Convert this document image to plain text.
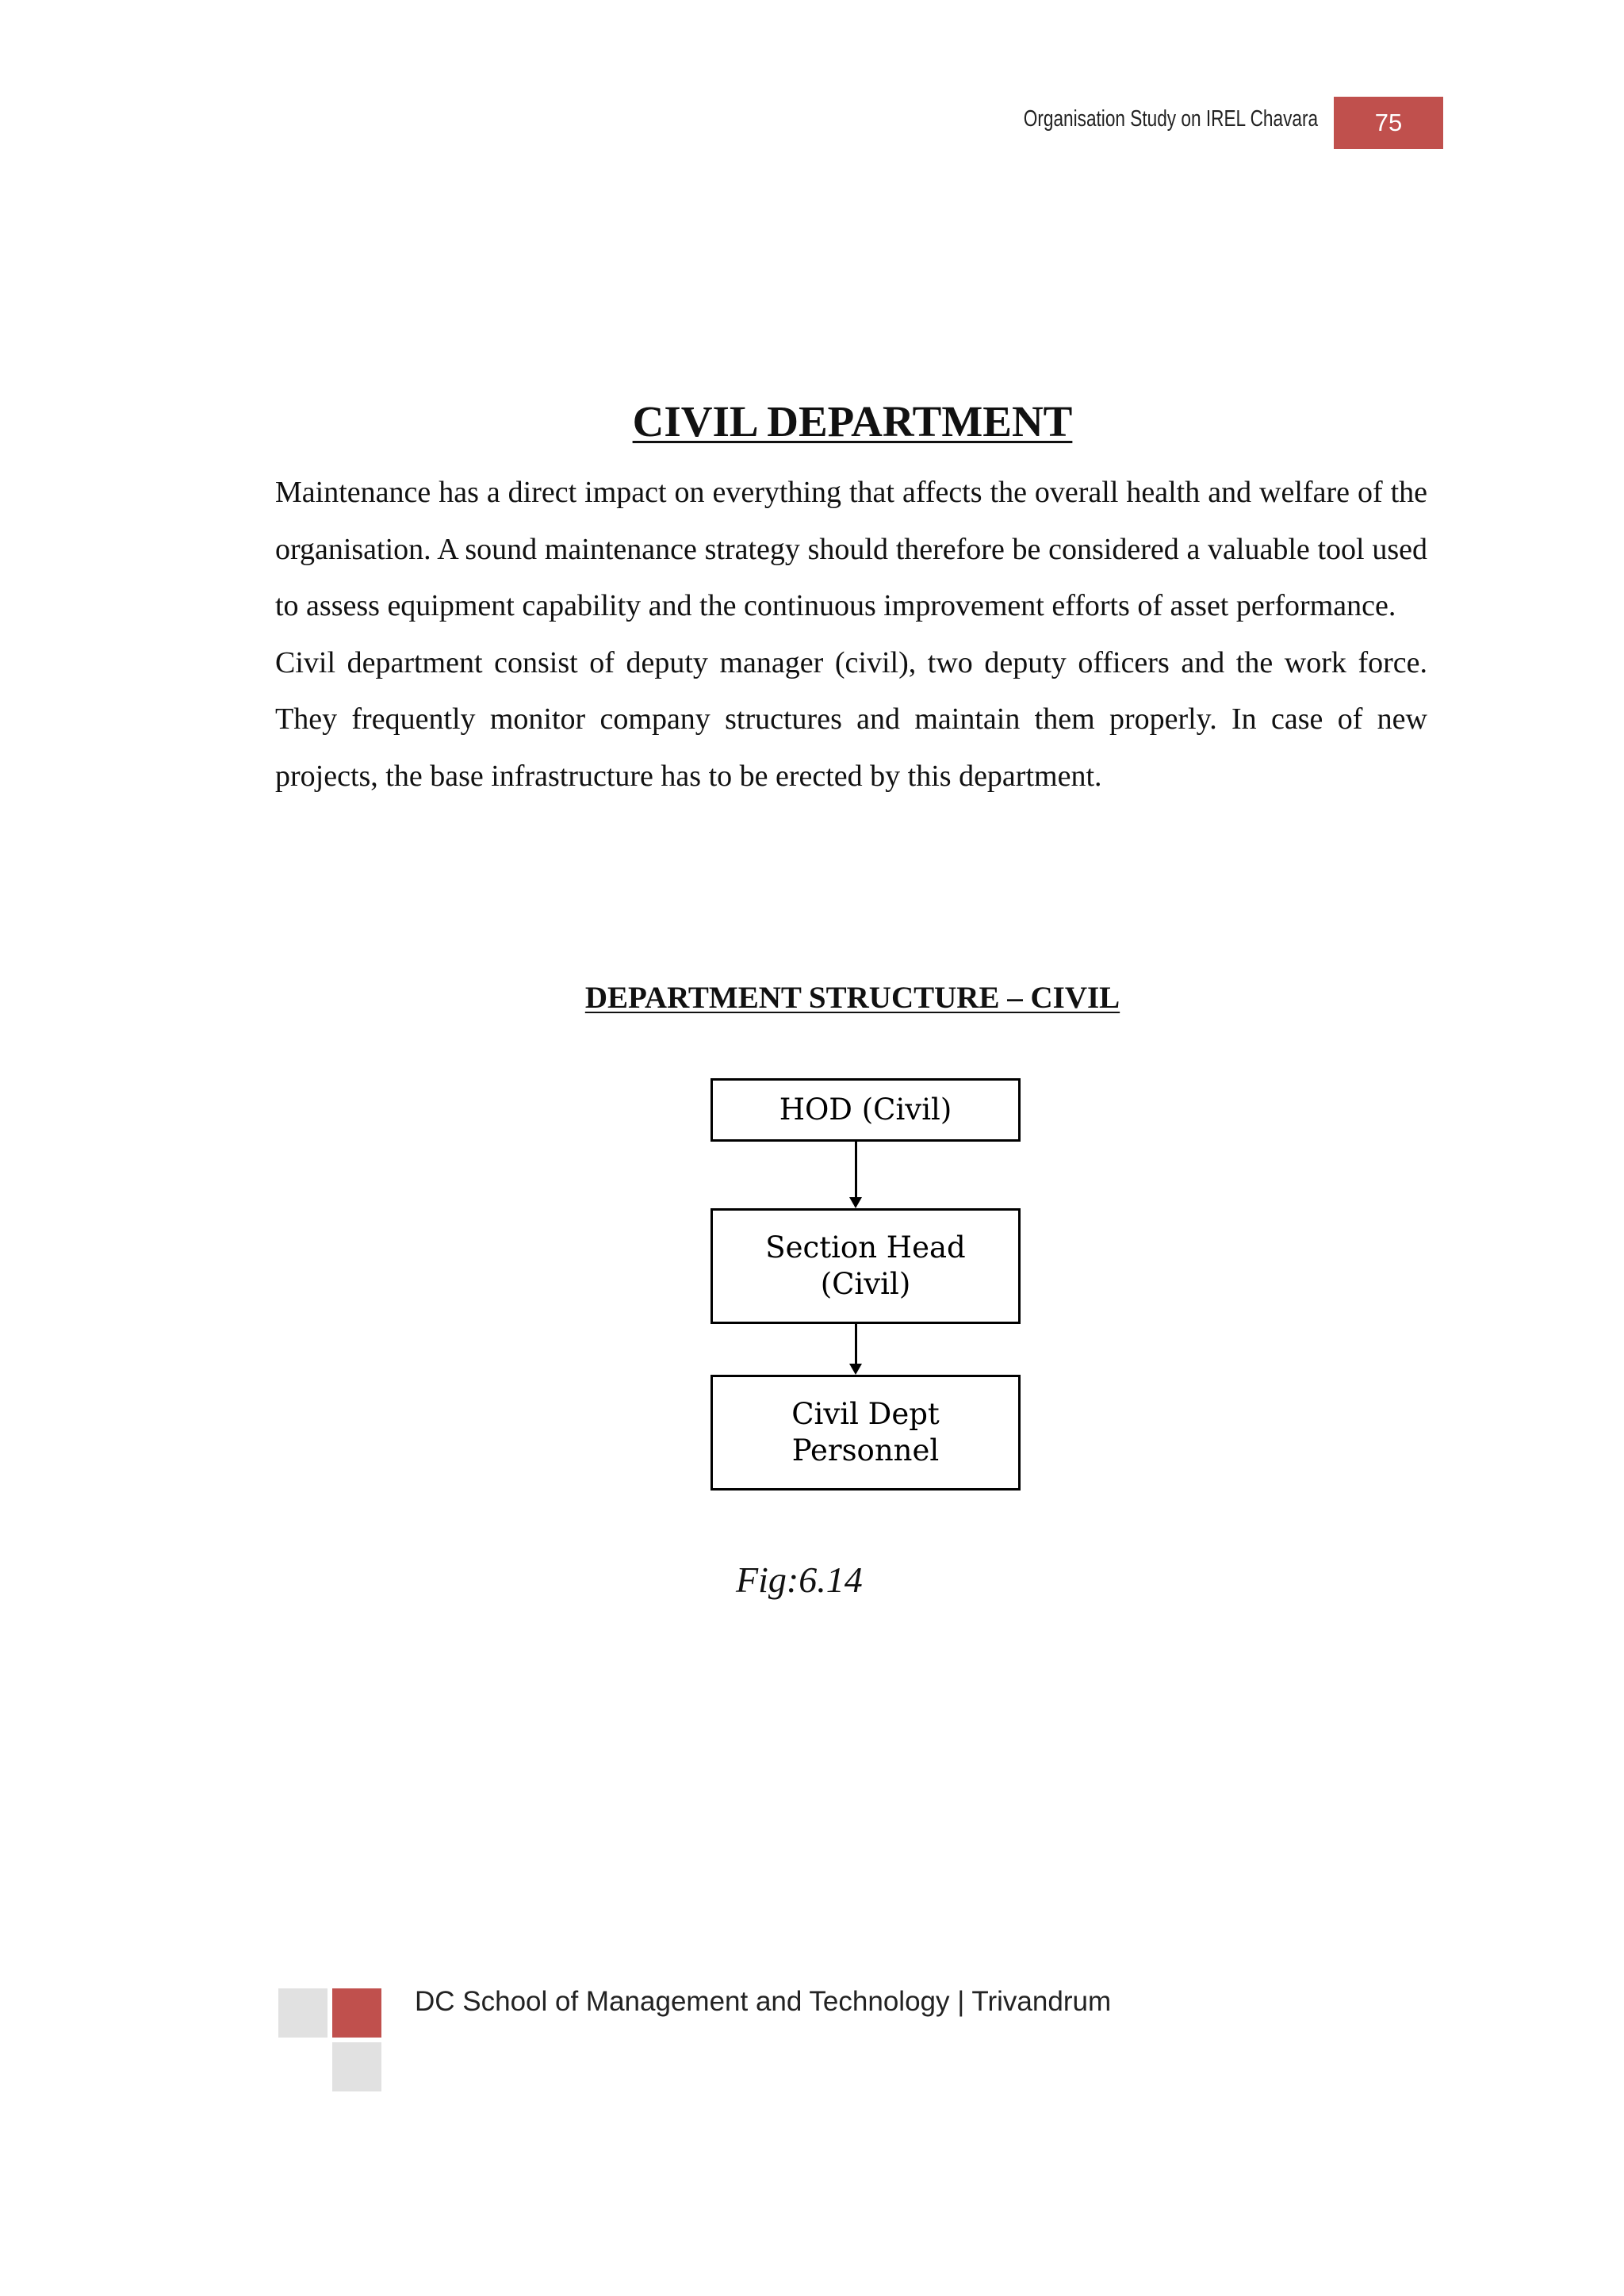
Organisation Study on IREL Chavara	75
CIVIL DEPARTMENT

Maintenance has a direct impact on everything that affects the overall health and welfare of the organisation. A sound maintenance strategy should therefore be considered a valuable tool used to assess equipment capability and the continuous improvement efforts of asset performance.

Civil department consist of deputy manager (civil), two deputy officers and the work force. They frequently monitor company structures and maintain them properly. In case of new projects, the base infrastructure has to be erected by this department.

DEPARTMENT STRUCTURE – CIVIL
HOD (Civil)
Section Head
(Civil)
Civil Dept
Personnel

Fig:6.14

DC School of Management and Technology | Trivandrum
